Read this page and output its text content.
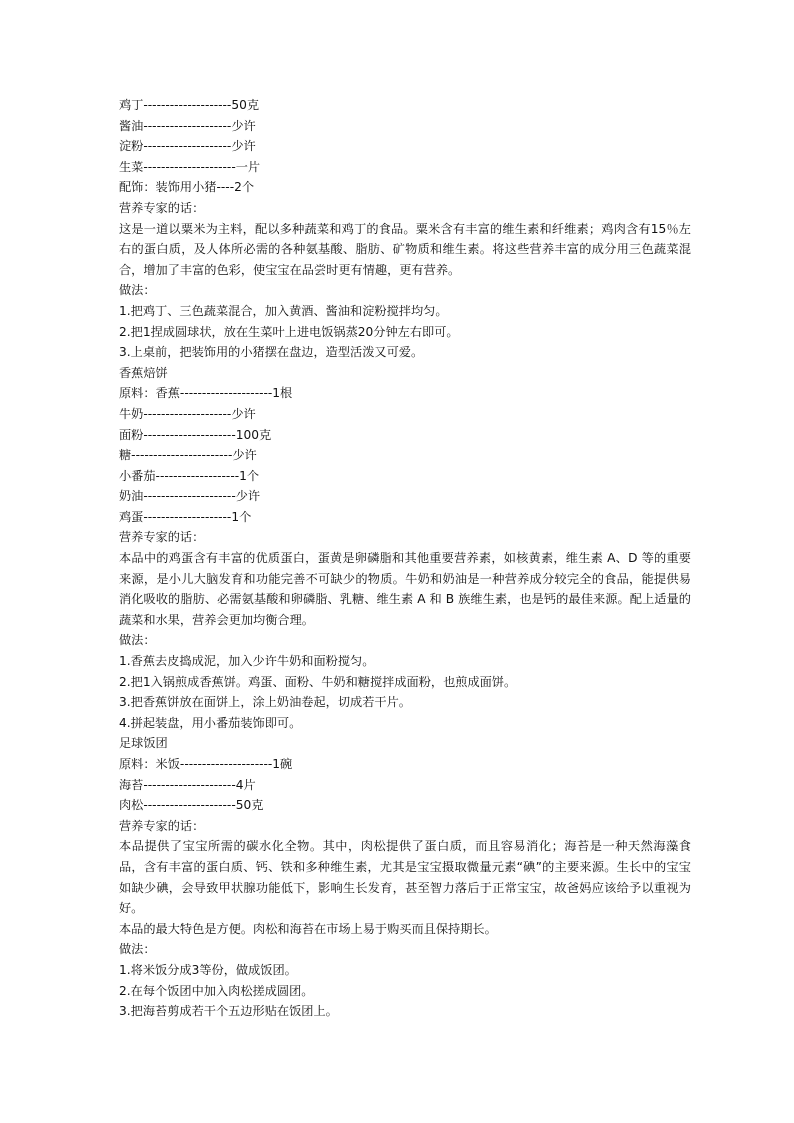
鸡丁--------------------50克

酱油--------------------少许

淀粉--------------------少许

生菜---------------------一片

配饰：装饰用小猪----2个

营养专家的话：

这是一道以粟米为主料，配以多种蔬菜和鸡丁的食品。粟米含有丰富的维生素和纤维素；鸡肉含有15％左右的蛋白质，及人体所必需的各种氨基酸、脂肪、矿物质和维生素。将这些营养丰富的成分用三色蔬菜混合，增加了丰富的色彩，使宝宝在品尝时更有情趣，更有营养。

做法：

1.把鸡丁、三色蔬菜混合，加入黄酒、酱油和淀粉搅拌均匀。

2.把1捏成圆球状，放在生菜叶上进电饭锅蒸20分钟左右即可。

3.上桌前，把装饰用的小猪摆在盘边，造型活泼又可爱。

香蕉焙饼

原料：香蕉---------------------1根

牛奶--------------------少许

面粉---------------------100克

糖-----------------------少许

小番茄-------------------1个

奶油---------------------少许

鸡蛋--------------------1个

营养专家的话：

本品中的鸡蛋含有丰富的优质蛋白，蛋黄是卵磷脂和其他重要营养素，如核黄素，维生素 A、D 等的重要来源，是小儿大脑发育和功能完善不可缺少的物质。牛奶和奶油是一种营养成分较完全的食品，能提供易消化吸收的脂肪、必需氨基酸和卵磷脂、乳糖、维生素 A 和 B 族维生素，也是钙的最佳来源。配上适量的蔬菜和水果，营养会更加均衡合理。

做法：

1.香蕉去皮捣成泥，加入少许牛奶和面粉搅匀。

2.把1入锅煎成香蕉饼。鸡蛋、面粉、牛奶和糖搅拌成面粉，也煎成面饼。

3.把香蕉饼放在面饼上，涂上奶油卷起，切成若干片。

4.拼起装盘，用小番茄装饰即可。

足球饭团

原料：米饭---------------------1碗

海苔---------------------4片

肉松---------------------50克

营养专家的话：

本品提供了宝宝所需的碳水化全物。其中，肉松提供了蛋白质，而且容易消化；海苔是一种天然海藻食品，含有丰富的蛋白质、钙、铁和多种维生素，尤其是宝宝摄取微量元素“碘”的主要来源。生长中的宝宝如缺少碘，会导致甲状腺功能低下，影响生长发育，甚至智力落后于正常宝宝，故爸妈应该给予以重视为好。

本品的最大特色是方便。肉松和海苔在市场上易于购买而且保持期长。

做法：

1.将米饭分成3等份，做成饭团。

2.在每个饭团中加入肉松搓成圆团。

3.把海苔剪成若干个五边形贴在饭团上。
